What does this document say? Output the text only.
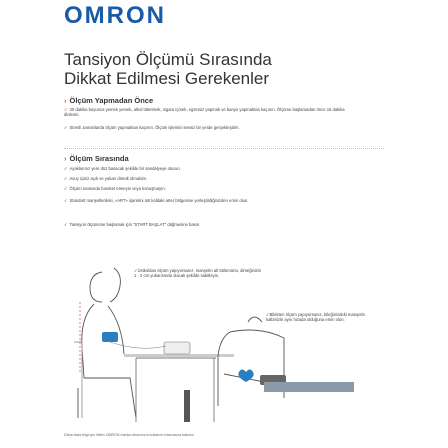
OMRON
Tansiyon Ölçümü Sırasında
Dikkat Edilmesi Gerekenler
› Ölçüm Yapmadan Önce
✓ 30 dakika boyunca yemek yemek, alkol tüketmek, sigara içmek, egzersiz yapmak ve banyo yapmaktan kaçının. Ölçüme başlamadan önce 15 dakika dinlenin.
✓ Stresli zamanlarda ölçüm yapmaktan kaçının. Ölçüm işlemini sessiz bir yerde gerçekleştirin.
› Ölçüm Sırasında
✓ Ayaklarınız yere düz basacak şekilde bir sandalyeye oturun.
✓ Avuç içiniz açık ve yukarı dönük olmalıdır.
✓ Ölçüm sırasında hareket etmeyin veya konuşmayın.
✓ Standart manşetlerdeki, «ART» işaretini üst koldaki arter bölgesine yerleştirdiğinizden emin olun.
✓ Tansiyon ölçümüne başlamak için "START BAŞLAT" düğmesine basın.
✓Üstkoldan ölçüm yapıyorsanız, manşetin alt bölümünü, dirseğinizin 1 - 2 cm yukarısında olacak şekilde sabitleyin.
✓Bilekten ölçüm yapıyorsanız, bileğinizdeki manşetin kalbinizle aynı hizada olduğuna emin olun.
Daha fazla bilgi için lütfen OMRON marka cihazınızın kullanım kılavuzuna bakınız.
